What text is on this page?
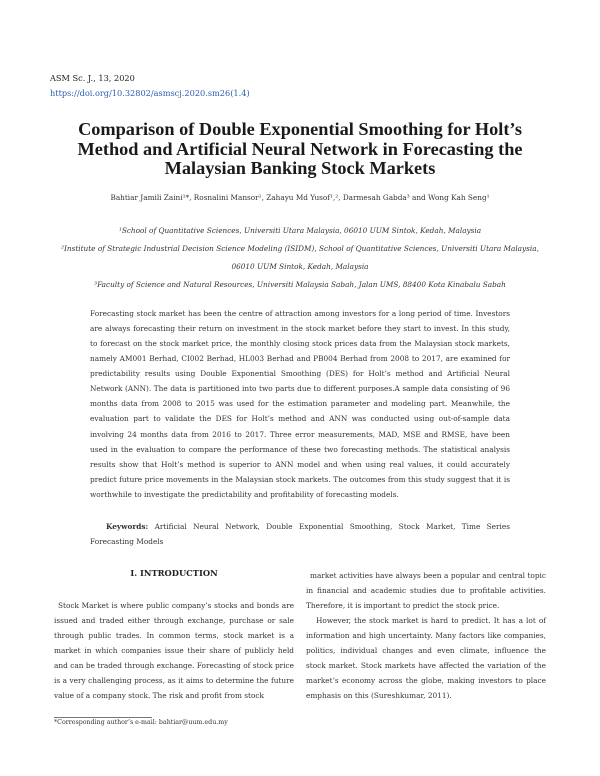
ASM Sc. J., 13, 2020
https://doi.org/10.32802/asmscj.2020.sm26(1.4)
Comparison of Double Exponential Smoothing for Holt’s Method and Artificial Neural Network in Forecasting the Malaysian Banking Stock Markets
Bahtiar Jamili Zaini¹*, Rosnalini Mansor¹, Zahayu Md Yusof¹,², Darmesah Gabda³ and Wong Kah Seng¹

¹School of Quantitative Sciences, Universiti Utara Malaysia, 06010 UUM Sintok, Kedah, Malaysia

²Institute of Strategic Industrial Decision Science Modeling (ISIDM), School of Quantitative Sciences, Universiti Utara Malaysia, 06010 UUM Sintok, Kedah, Malaysia

³Faculty of Science and Natural Resources, Universiti Malaysia Sabah, Jalan UMS, 88400 Kota Kinabalu Sabah

Forecasting stock market has been the centre of attraction among investors for a long period of time. Investors are always forecasting their return on investment in the stock market before they start to invest. In this study, to forecast on the stock market price, the monthly closing stock prices data from the Malaysian stock markets, namely AM001 Berhad, CI002 Berhad, HL003 Berhad and PB004 Berhad from 2008 to 2017, are examined for predictability results using Double Exponential Smoothing (DES) for Holt’s method and Artificial Neural Network (ANN). The data is partitioned into two parts due to different purposes.A sample data consisting of 96 months data from 2008 to 2015 was used for the estimation parameter and modeling part. Meanwhile, the evaluation part to validate the DES for Holt’s method and ANN was conducted using out-of-sample data involving 24 months data from 2016 to 2017. Three error measurements, MAD, MSE and RMSE, have been used in the evaluation to compare the performance of these two forecasting methods. The statistical analysis results show that Holt’s method is superior to ANN model and when using real values, it could accurately predict future price movements in the Malaysian stock markets. The outcomes from this study suggest that it is worthwhile to investigate the predictability and profitability of forecasting models.

Keywords: Artificial Neural Network, Double Exponential Smoothing, Stock Market, Time Series Forecasting Models

I. INTRODUCTION

Stock Market is where public company’s stocks and bonds are issued and traded either through exchange, purchase or sale through public trades. In common terms, stock market is a market in which companies issue their share of publicly held and can be traded through exchange. Forecasting of stock price is a very challenging process, as it aims to determine the future value of a company stock. The risk and profit from stock

market activities have always been a popular and central topic in financial and academic studies due to profitable activities. Therefore, it is important to predict the stock price.

However, the stock market is hard to predict. It has a lot of information and high uncertainty. Many factors like companies, politics, individual changes and even climate, influence the stock market. Stock markets have affected the variation of the market’s economy across the globe, making investors to place emphasis on this (Sureshkumar, 2011).

*Corresponding author’s e-mail: bahtiar@uum.edu.my
